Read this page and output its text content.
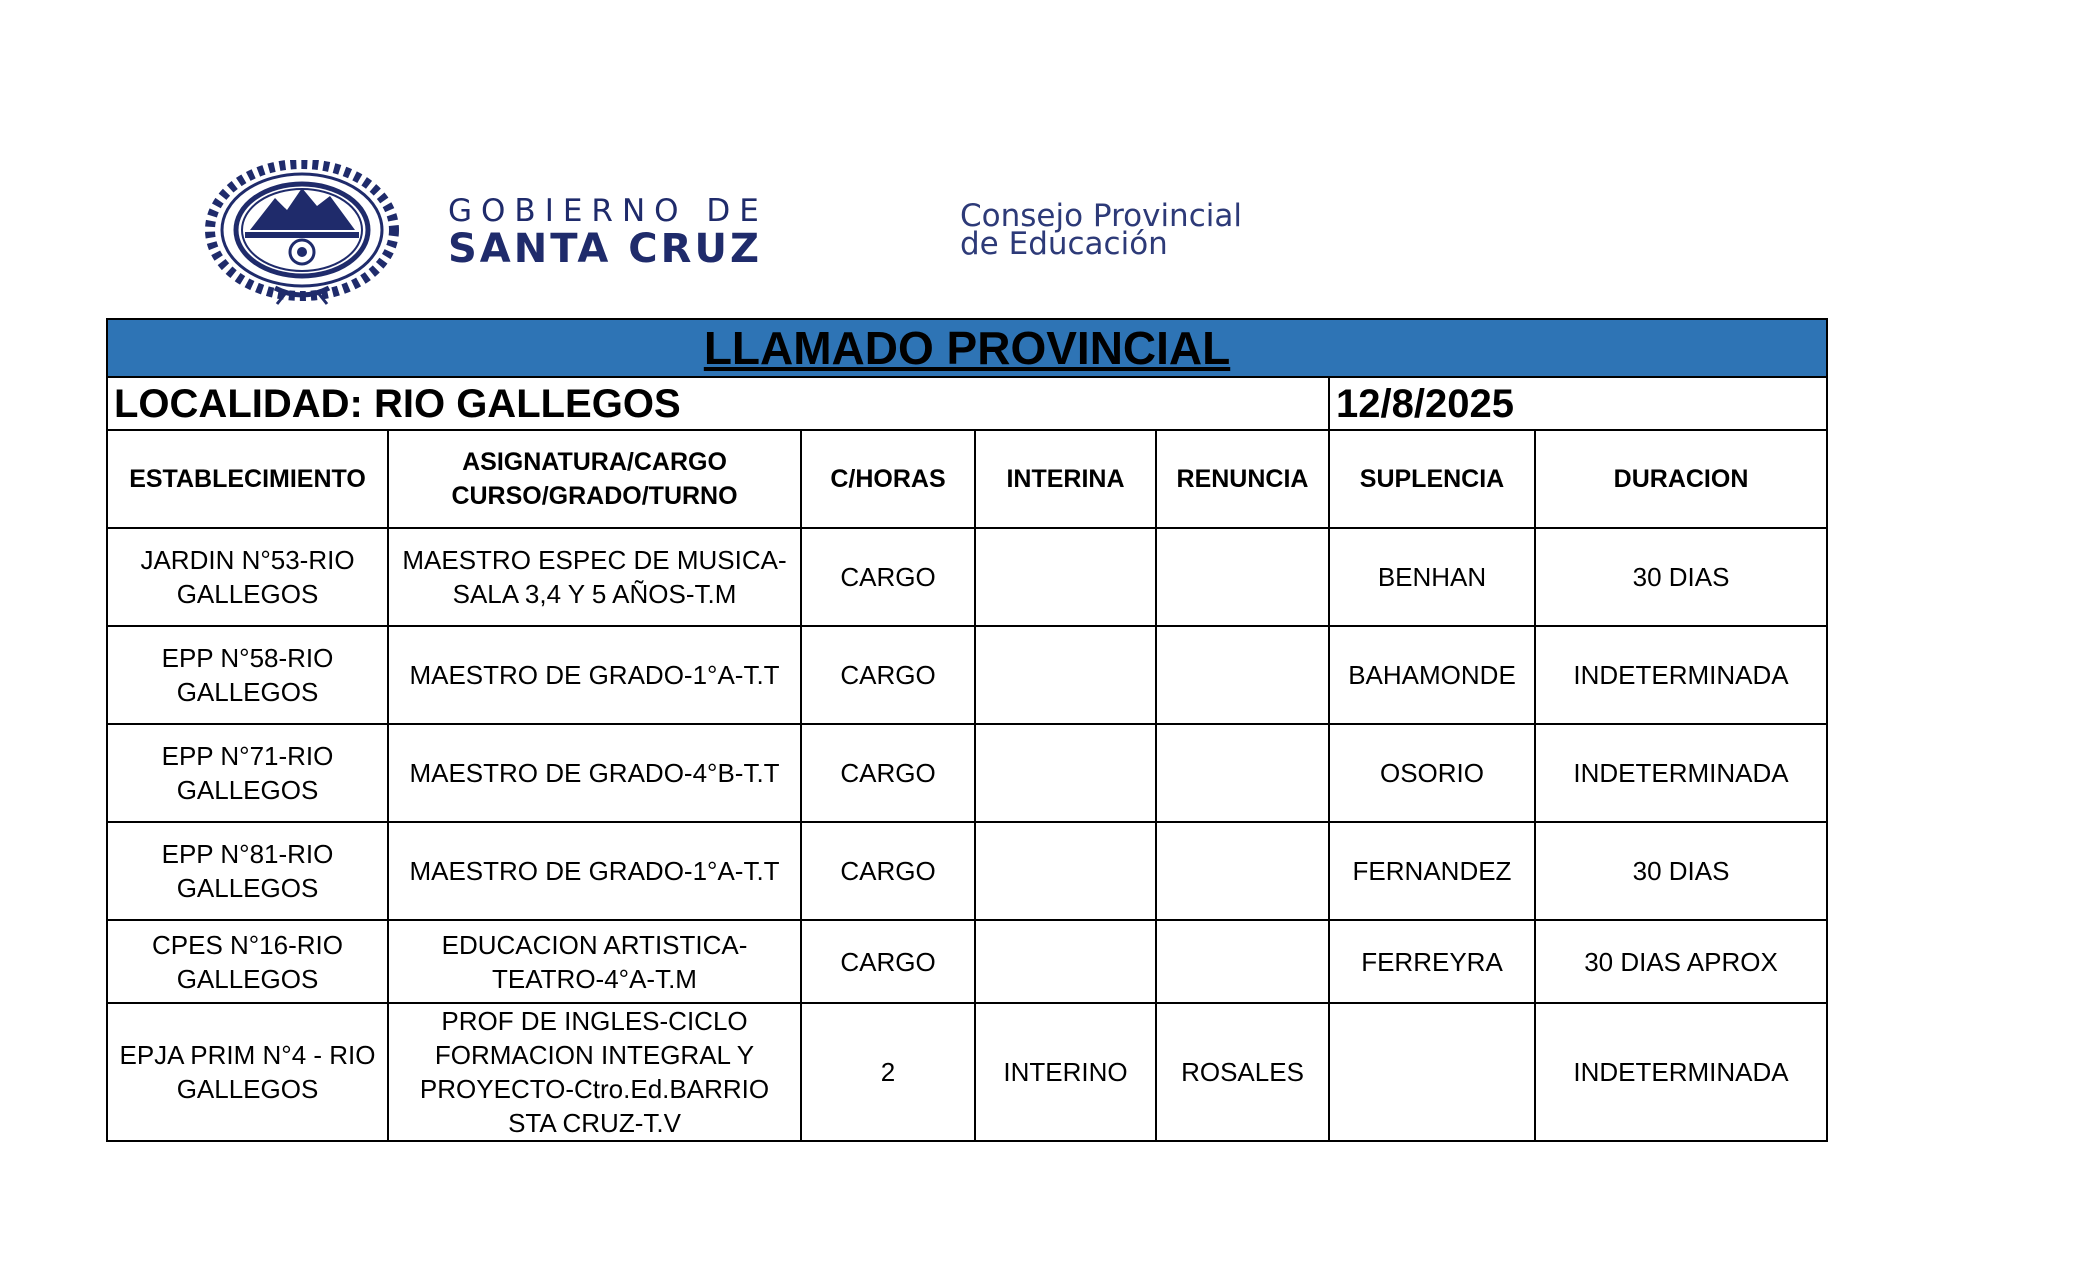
GOBIERNO DE
SANTA CRUZ
Consejo Provincial
de Educación
LLAMADO PROVINCIAL						
LOCALIDAD: RIO GALLEGOS					12/8/2025	
ESTABLECIMIENTO	ASIGNATURA/CARGO CURSO/GRADO/TURNO	C/HORAS	INTERINA	RENUNCIA	SUPLENCIA	DURACION
JARDIN N°53-RIO GALLEGOS	MAESTRO ESPEC DE MUSICA-SALA 3,4 Y 5 AÑOS-T.M	CARGO			BENHAN	30 DIAS
EPP N°58-RIO GALLEGOS	MAESTRO DE GRADO-1°A-T.T	CARGO			BAHAMONDE	INDETERMINADA
EPP N°71-RIO GALLEGOS	MAESTRO DE GRADO-4°B-T.T	CARGO			OSORIO	INDETERMINADA
EPP N°81-RIO GALLEGOS	MAESTRO DE GRADO-1°A-T.T	CARGO			FERNANDEZ	30 DIAS
CPES N°16-RIO GALLEGOS	EDUCACION ARTISTICA-TEATRO-4°A-T.M	CARGO			FERREYRA	30 DIAS APROX
EPJA PRIM N°4 - RIO GALLEGOS	PROF DE INGLES-CICLO FORMACION INTEGRAL Y PROYECTO-Ctro.Ed.BARRIO STA CRUZ-T.V	2	INTERINO	ROSALES		INDETERMINADA
